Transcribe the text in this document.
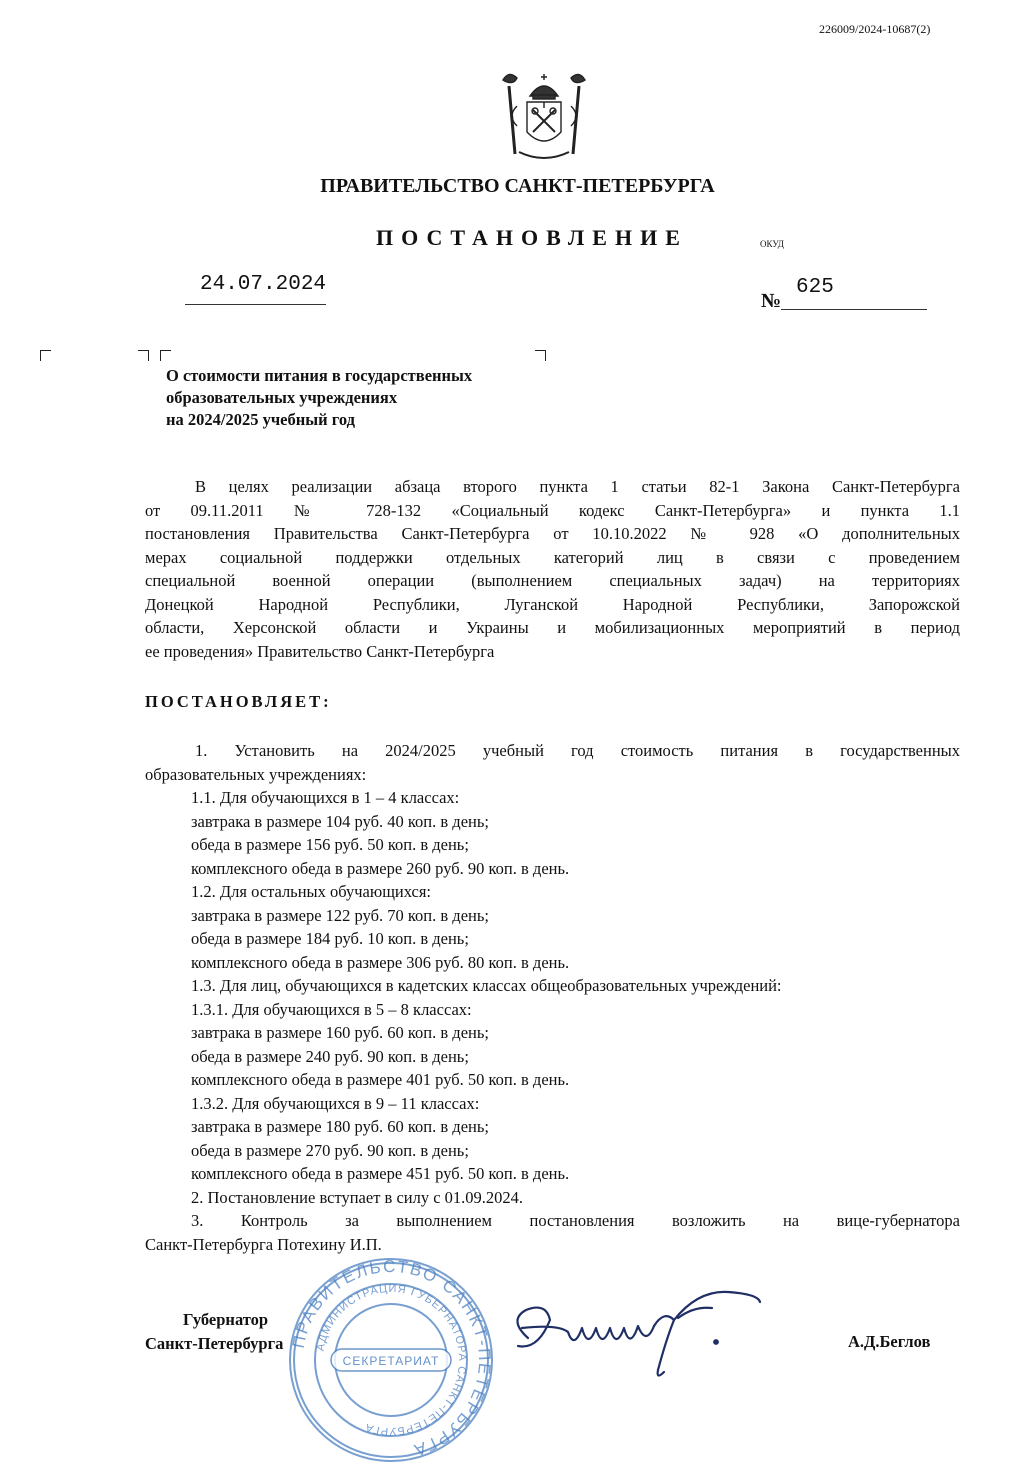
226009/2024-10687(2)
ПРАВИТЕЛЬСТВО САНКТ-ПЕТЕРБУРГА
ПОСТАНОВЛЕНИЕ	ОКУД
24.07.2024
№
625
О стоимости питания в государственных
образовательных учреждениях
на 2024/2025 учебный год
В целях реализации абзаца второго пункта 1 статьи 82-1 Закона Санкт-Петербурга
от 09.11.2011 № 728-132 «Социальный кодекс Санкт-Петербурга» и пункта 1.1
постановления Правительства Санкт-Петербурга от 10.10.2022 № 928 «О дополнительных
мерах социальной поддержки отдельных категорий лиц в связи с проведением
специальной военной операции (выполнением специальных задач) на территориях
Донецкой Народной Республики, Луганской Народной Республики, Запорожской
области, Херсонской области и Украины и мобилизационных мероприятий в период
ее проведения» Правительство Санкт-Петербурга
ПОСТАНОВЛЯЕТ:
1. Установить на 2024/2025 учебный год стоимость питания в государственных
образовательных учреждениях:
1.1. Для обучающихся в 1 – 4 классах:
завтрака в размере 104 руб. 40 коп. в день;
обеда в размере 156 руб. 50 коп. в день;
комплексного обеда в размере 260 руб. 90 коп. в день.
1.2. Для остальных обучающихся:
завтрака в размере 122 руб. 70 коп. в день;
обеда в размере 184 руб. 10 коп. в день;
комплексного обеда в размере 306 руб. 80 коп. в день.
1.3. Для лиц, обучающихся в кадетских классах общеобразовательных учреждений:
1.3.1. Для обучающихся в 5 – 8 классах:
завтрака в размере 160 руб. 60 коп. в день;
обеда в размере 240 руб. 90 коп. в день;
комплексного обеда в размере 401 руб. 50 коп. в день.
1.3.2. Для обучающихся в 9 – 11 классах:
завтрака в размере 180 руб. 60 коп. в день;
обеда в размере 270 руб. 90 коп. в день;
комплексного обеда в размере 451 руб. 50 коп. в день.
2. Постановление вступает в силу с 01.09.2024.
3. Контроль за выполнением постановления возложить на вице-губернатора
Санкт-Петербурга Потехину И.П.
ПРАВИТЕЛЬСТВО САНКТ-ПЕТЕРБУРГА
АДМИНИСТРАЦИЯ ГУБЕРНАТОРА САНКТ-ПЕТЕРБУРГА
СЕКРЕТАРИАТ
Губернатор
Санкт-Петербурга	А.Д.Беглов
